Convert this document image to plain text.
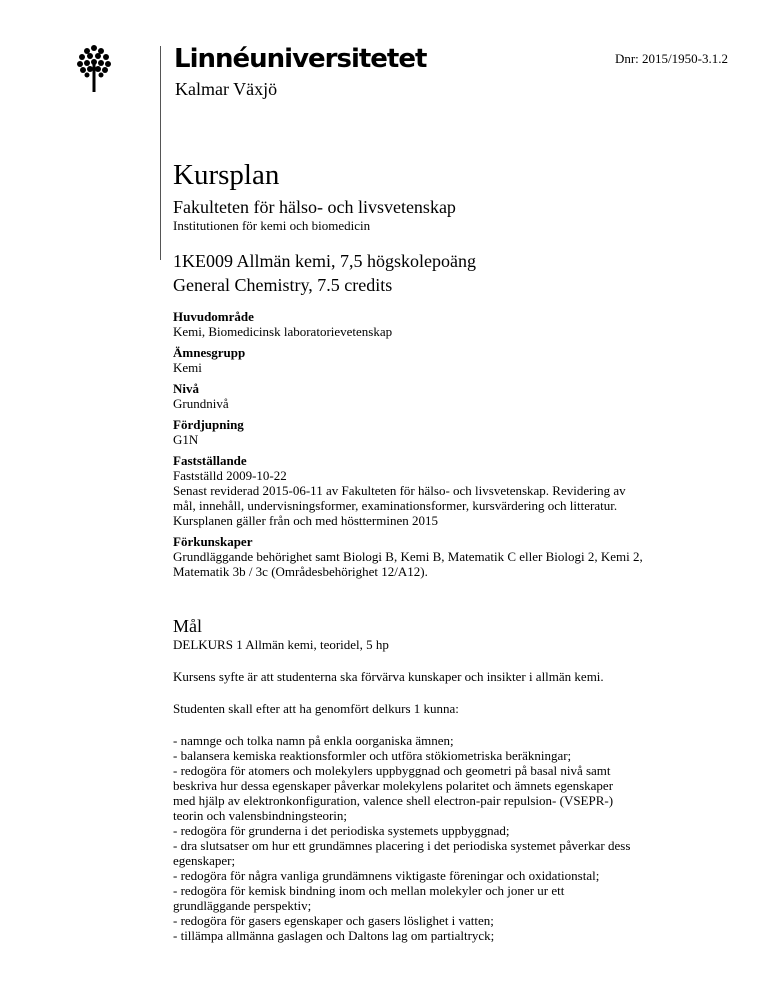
Linnéuniversitetet
Kalmar Växjö
Dnr: 2015/1950-3.1.2
Kursplan
Fakulteten för hälso- och livsvetenskap
Institutionen för kemi och biomedicin
1KE009 Allmän kemi, 7,5 högskolepoäng
General Chemistry, 7.5 credits
Huvudområde
Kemi, Biomedicinsk laboratorievetenskap
Ämnesgrupp
Kemi
Nivå
Grundnivå
Fördjupning
G1N
Fastställande
Fastställd 2009-10-22
Senast reviderad 2015-06-11 av Fakulteten för hälso- och livsvetenskap. Revidering av
mål, innehåll, undervisningsformer, examinationsformer, kursvärdering och litteratur.
Kursplanen gäller från och med höstterminen 2015
Förkunskaper
Grundläggande behörighet samt Biologi B, Kemi B, Matematik C eller Biologi 2, Kemi 2,
Matematik 3b / 3c (Områdesbehörighet 12/A12).
Mål
DELKURS 1 Allmän kemi, teoridel, 5 hp
Kursens syfte är att studenterna ska förvärva kunskaper och insikter i allmän kemi.
Studenten skall efter att ha genomfört delkurs 1 kunna:
- namnge och tolka namn på enkla oorganiska ämnen;
- balansera kemiska reaktionsformler och utföra stökiometriska beräkningar;
- redogöra för atomers och molekylers uppbyggnad och geometri på basal nivå samt
beskriva hur dessa egenskaper påverkar molekylens polaritet och ämnets egenskaper
med hjälp av elektronkonfiguration, valence shell electron-pair repulsion- (VSEPR-)
teorin och valensbindningsteorin;
- redogöra för grunderna i det periodiska systemets uppbyggnad;
- dra slutsatser om hur ett grundämnes placering i det periodiska systemet påverkar dess
egenskaper;
- redogöra för några vanliga grundämnens viktigaste föreningar och oxidationstal;
- redogöra för kemisk bindning inom och mellan molekyler och joner ur ett
grundläggande perspektiv;
- redogöra för gasers egenskaper och gasers löslighet i vatten;
- tillämpa allmänna gaslagen och Daltons lag om partialtryck;
